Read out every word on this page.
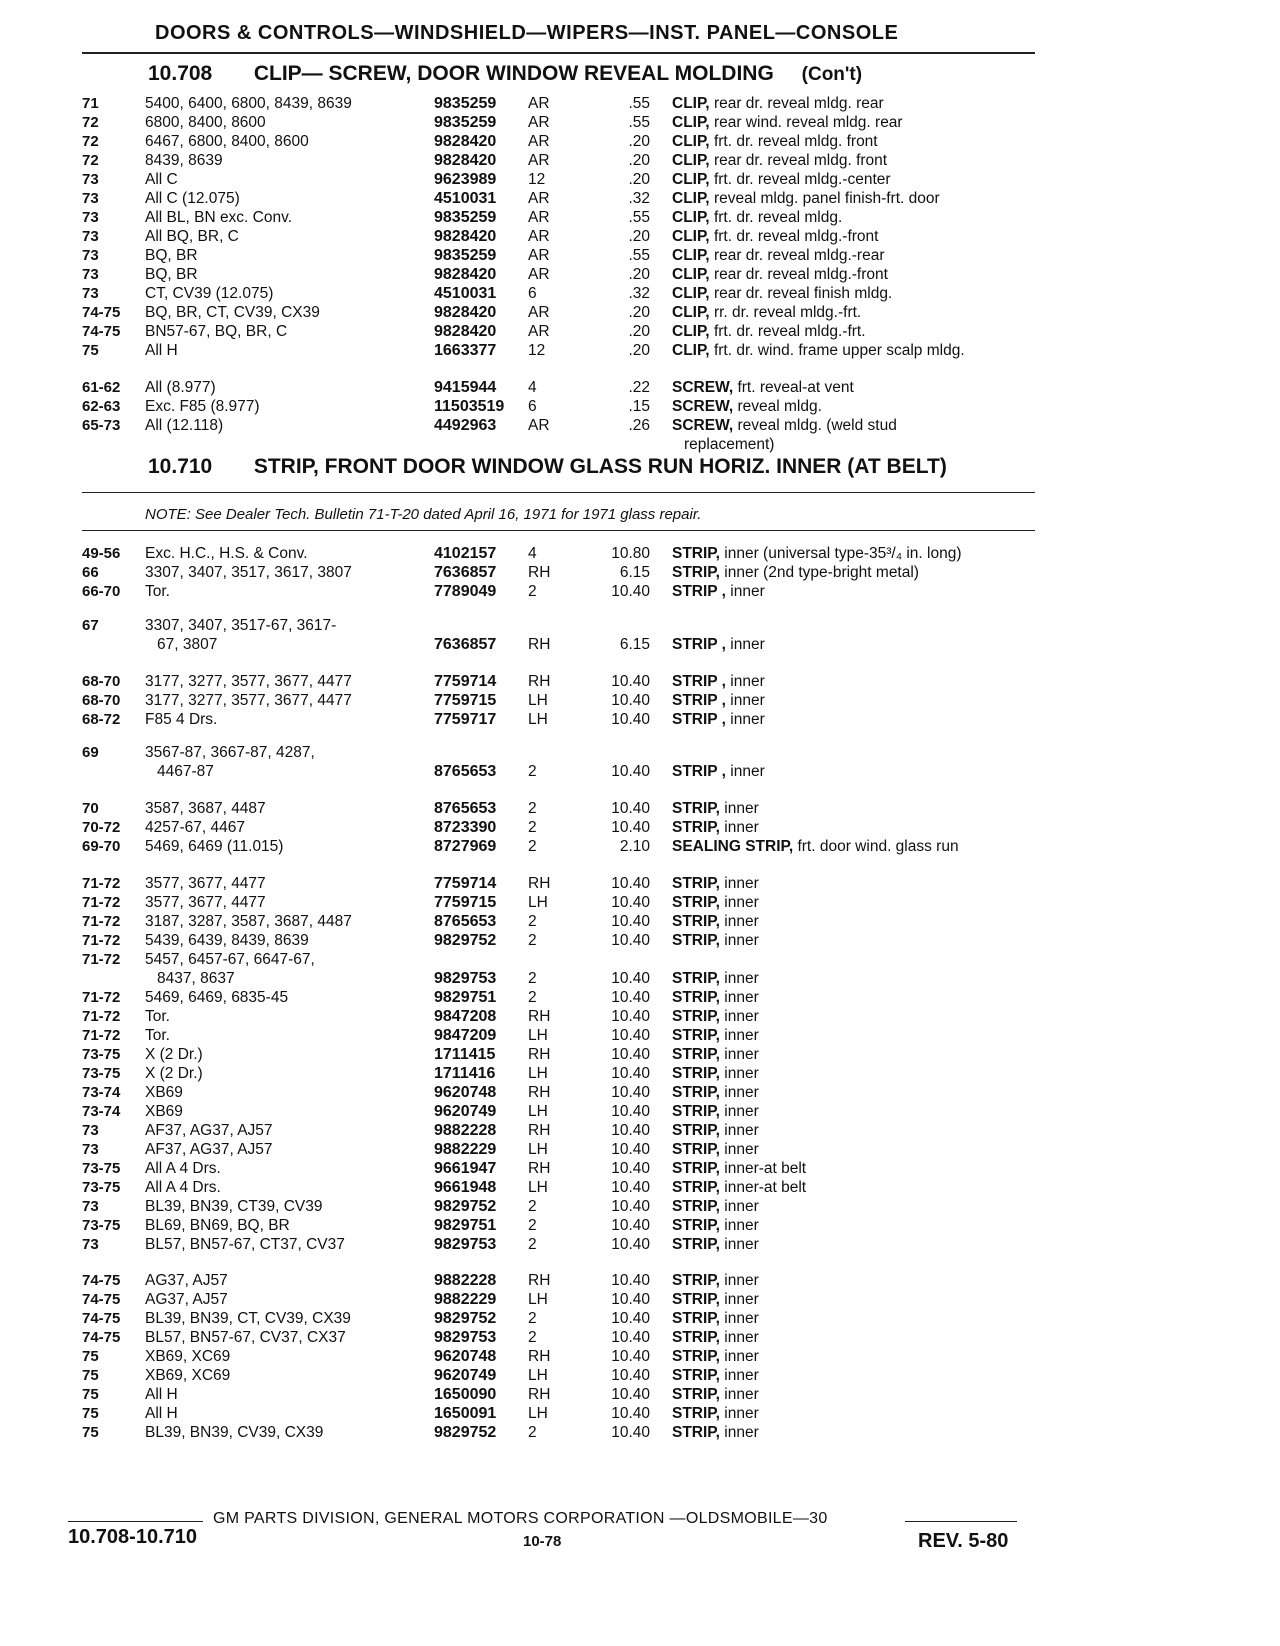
DOORS & CONTROLS—WINDSHIELD—WIPERS—INST. PANEL—CONSOLE
10.708 CLIP— SCREW, DOOR WINDOW REVEAL MOLDING (Con't)
10.710 STRIP, FRONT DOOR WINDOW GLASS RUN HORIZ. INNER (AT BELT)
NOTE: See Dealer Tech. Bulletin 71-T-20 dated April 16, 1971 for 1971 glass repair.
71	5400, 6400, 6800, 8439, 8639 . . .	9835259	AR	.55 CLIP, rear dr. reveal mldg. rear . . .
72	6800, 8400, 8600 . . .	9835259	AR	.55 CLIP, rear wind. reveal mldg. rear . . .
72	6467, 6800, 8400, 8600 . . .	9828420	AR	.20 CLIP, frt. dr. reveal mldg. front . . .
72	8439, 8639 . . .	9828420	AR	.20 CLIP, rear dr. reveal mldg. front . . .
73	All C . . .	9623989	12	.20 CLIP, frt. dr. reveal mldg.-center . . .
73	All C (12.075) . . .	4510031	AR	.32 CLIP, reveal mldg. panel finish-frt. door . . .
73	All BL, BN exc. Conv. . . .	9835259	AR	.55 CLIP, frt. dr. reveal mldg. . . .
73	All BQ, BR, C . . .	9828420	AR	.20 CLIP, frt. dr. reveal mldg.-front . . .
73	BQ, BR . . .	9835259	AR	.55 CLIP, rear dr. reveal mldg.-rear . . .
73	BQ, BR . . .	9828420	AR	.20 CLIP, rear dr. reveal mldg.-front . . .
73	CT, CV39 (12.075) . . .	4510031	6	.32 CLIP, rear dr. reveal finish mldg. . . .
74-75	BQ, BR, CT, CV39, CX39 . . .	9828420	AR	.20 CLIP, rr. dr. reveal mldg.-frt. . . .
74-75	BN57-67, BQ, BR, C . . .	9828420	AR	.20 CLIP, frt. dr. reveal mldg.-frt. . . .
75	All H . . .	1663377	12	.20 CLIP, frt. dr. wind. frame upper scalp mldg. . . .
61-62	All (8.977) . . .	9415944	4	.22 SCREW, frt. reveal-at vent . . .
62-63	Exc. F85 (8.977) . . .	11503519	6	.15 SCREW, reveal mldg. . . .
65-73	All (12.118) . . .	4492963	AR	.26 SCREW, reveal mldg. (weld stud
replacement) . . .
49-56	Exc. H.C., H.S. & Conv. . . .	4102157	4	10.80 STRIP, inner (universal type-35³/₄ in. long) . . .
66	3307, 3407, 3517, 3617, 3807 . . .	7636857	RH	6.15 STRIP, inner (2nd type-bright metal) . . .
66-70	Tor. . . .	7789049	2	10.40 STRIP , inner . . .
67	3307, 3407, 3517-67, 3617-
67, 3807 . . .	7636857	RH	6.15 STRIP , inner . . .
68-70	3177, 3277, 3577, 3677, 4477 . . .	7759714	RH	10.40 STRIP , inner . . .
68-70	3177, 3277, 3577, 3677, 4477 . . .	7759715	LH	10.40 STRIP , inner . . .
68-72	F85 4 Drs. . . .	7759717	LH	10.40 STRIP , inner . . .
69	3567-87, 3667-87, 4287,
4467-87 . . .	8765653	2	10.40 STRIP , inner . . .
70	3587, 3687, 4487 . . .	8765653	2	10.40 STRIP, inner . . .
70-72	4257-67, 4467 . . .	8723390	2	10.40 STRIP, inner . . .
69-70	5469, 6469 (11.015) . . .	8727969	2	2.10 SEALING STRIP, frt. door wind. glass run . . .
71-72	3577, 3677, 4477 . . .	7759714	RH	10.40 STRIP, inner . . .
71-72	3577, 3677, 4477 . . .	7759715	LH	10.40 STRIP, inner . . .
71-72	3187, 3287, 3587, 3687, 4487 . . .	8765653	2	10.40 STRIP, inner . . .
71-72	5439, 6439, 8439, 8639 . . .	9829752	2	10.40 STRIP, inner . . .
71-72	5457, 6457-67, 6647-67,
8437, 8637 . . .	9829753	2	10.40 STRIP, inner . . .
71-72	5469, 6469, 6835-45 . . .	9829751	2	10.40 STRIP, inner . . .
71-72	Tor. . . .	9847208	RH	10.40 STRIP, inner . . .
71-72	Tor. . . .	9847209	LH	10.40 STRIP, inner . . .
73-75	X (2 Dr.) . . .	1711415	RH	10.40 STRIP, inner . . .
73-75	X (2 Dr.) . . .	1711416	LH	10.40 STRIP, inner . . .
73-74	XB69 . . .	9620748	RH	10.40 STRIP, inner . . .
73-74	XB69 . . .	9620749	LH	10.40 STRIP, inner . . .
73	AF37, AG37, AJ57 . . .	9882228	RH	10.40 STRIP, inner . . .
73	AF37, AG37, AJ57 . . .	9882229	LH	10.40 STRIP, inner . . .
73-75	All A 4 Drs. . . .	9661947	RH	10.40 STRIP, inner-at belt . . .
73-75	All A 4 Drs. . . .	9661948	LH	10.40 STRIP, inner-at belt . . .
73	BL39, BN39, CT39, CV39 . . .	9829752	2	10.40 STRIP, inner . . .
73-75	BL69, BN69, BQ, BR . . .	9829751	2	10.40 STRIP, inner . . .
73	BL57, BN57-67, CT37, CV37 . . .	9829753	2	10.40 STRIP, inner . . .
74-75	AG37, AJ57 . . .	9882228	RH	10.40 STRIP, inner . . .
74-75	AG37, AJ57 . . .	9882229	LH	10.40 STRIP, inner . . .
74-75	BL39, BN39, CT, CV39, CX39 . . .	9829752	2	10.40 STRIP, inner . . .
74-75	BL57, BN57-67, CV37, CX37 . . .	9829753	2	10.40 STRIP, inner . . .
75	XB69, XC69 . . .	9620748	RH	10.40 STRIP, inner . . .
75	XB69, XC69 . . .	9620749	LH	10.40 STRIP, inner . . .
75	All H . . .	1650090	RH	10.40 STRIP, inner . . .
75	All H . . .	1650091	LH	10.40 STRIP, inner . . .
75	BL39, BN39, CV39, CX39 . . .	9829752	2	10.40 STRIP, inner . . .
GM PARTS DIVISION, GENERAL MOTORS CORPORATION —OLDSMOBILE—30
10.708-10.710	10-78	REV. 5-80
